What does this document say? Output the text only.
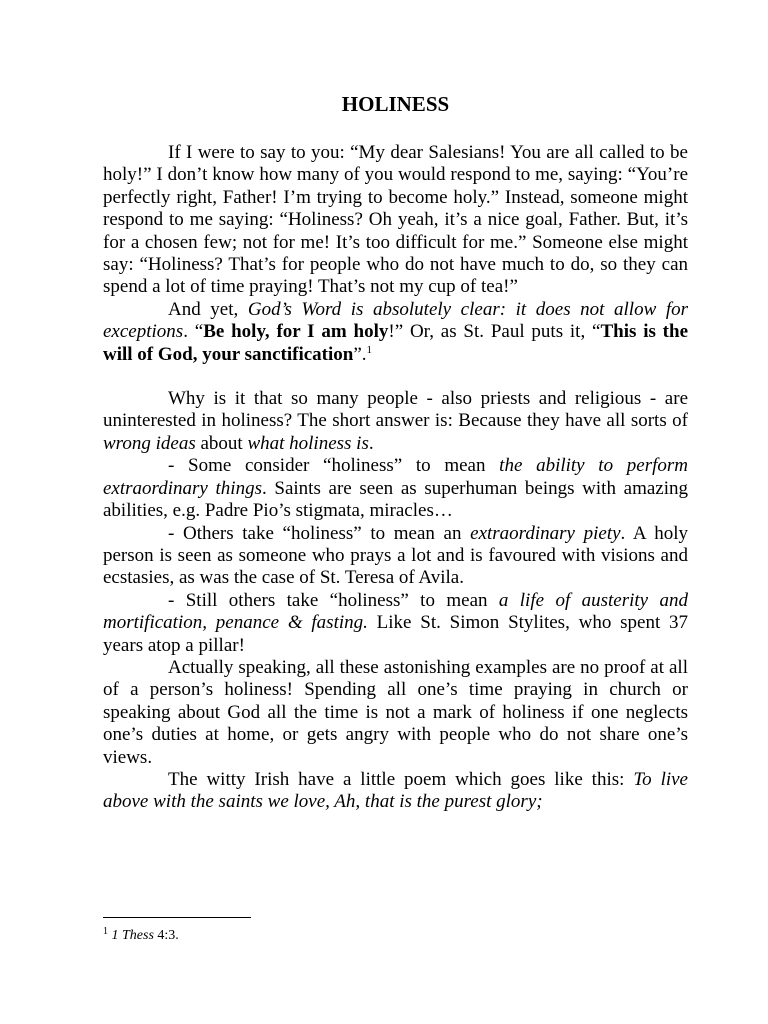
HOLINESS

If I were to say to you: “My dear Salesians! You are all called to be holy!” I don’t know how many of you would respond to me, saying: “You’re perfectly right, Father! I’m trying to become holy.” Instead, someone might respond to me saying: “Holiness? Oh yeah, it’s a nice goal, Father. But, it’s for a chosen few; not for me! It’s too difficult for me.” Someone else might say: “Holiness? That’s for people who do not have much to do, so they can spend a lot of time praying! That’s not my cup of tea!”

And yet, God’s Word is absolutely clear: it does not allow for exceptions. “Be holy, for I am holy!” Or, as St. Paul puts it, “This is the will of God, your sanctification”.$^1$

Why is it that so many people - also priests and religious - are uninterested in holiness? The short answer is: Because they have all sorts of wrong ideas about what holiness is.

- Some consider “holiness” to mean the ability to perform extraordinary things. Saints are seen as superhuman beings with amazing abilities, e.g. Padre Pio’s stigmata, miracles…

- Others take “holiness” to mean an extraordinary piety. A holy person is seen as someone who prays a lot and is favoured with visions and ecstasies, as was the case of St. Teresa of Avila.

- Still others take “holiness” to mean a life of austerity and mortification, penance & fasting. Like St. Simon Stylites, who spent 37 years atop a pillar!

Actually speaking, all these astonishing examples are no proof at all of a person’s holiness! Spending all one’s time praying in church or speaking about God all the time is not a mark of holiness if one neglects one’s duties at home, or gets angry with people who do not share one’s views.

The witty Irish have a little poem which goes like this: To live above with the saints we love, Ah, that is the purest glory;

$^1$ 1 Thess 4:3.
